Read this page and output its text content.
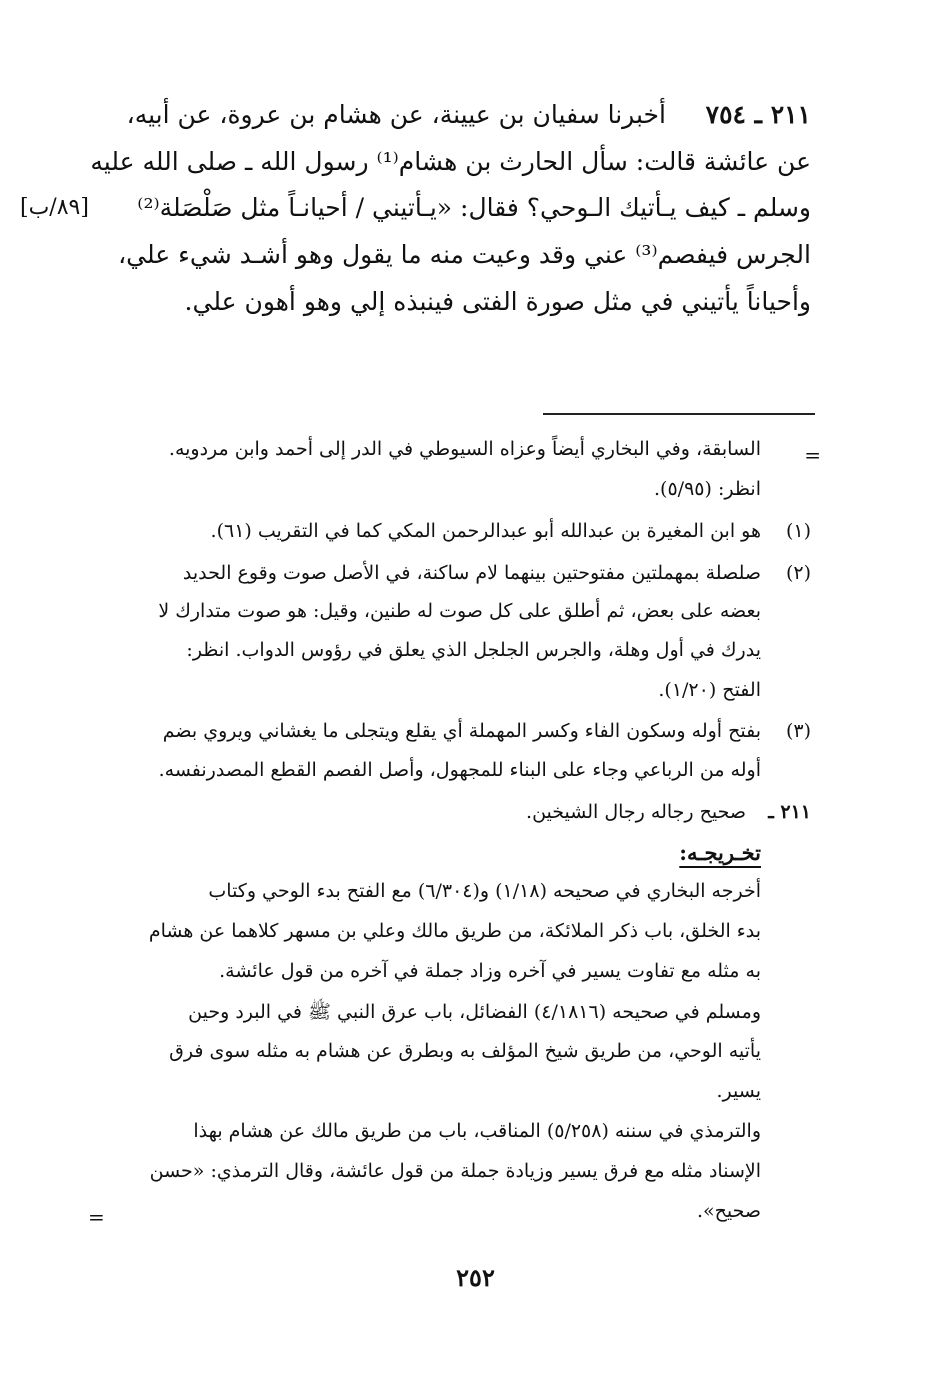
٢١١ ـ ٧٥٤     أخبرنا سفيان بن عيينة، عن هشام بن عروة، عن أبيه،
عن عائشة قالت: سأل الحارث بن هشام⁽¹⁾ رسول الله ـ صلى الله عليه
وسلم ـ كيف يـأتيك الـوحي؟ فقال: «يـأتيني / أحيانـاً مثل صَلْصَلة⁽²⁾
[٨٩/ب]
الجرس فيفصم⁽³⁾ عني وقد وعيت منه ما يقول وهو أشـد شيء علي،
وأحياناً يأتيني في مثل صورة الفتى فينبذه إلي وهو أهون علي.
=
السابقة، وفي البخاري أيضاً وعزاه السيوطي في الدر إلى أحمد وابن مردويه.
انظر: (٥/٩٥).
(١)
هو ابن المغيرة بن عبدالله أبو عبدالرحمن المكي كما في التقريب (٦١).
(٢)
صلصلة بمهملتين مفتوحتين بينهما لام ساكنة، في الأصل صوت وقوع الحديد
بعضه على بعض، ثم أطلق على كل صوت له طنين، وقيل: هو صوت متدارك لا
يدرك في أول وهلة، والجرس الجلجل الذي يعلق في رؤوس الدواب. انظر:
الفتح (١/٢٠).
(٣)
بفتح أوله وسكون الفاء وكسر المهملة أي يقلع ويتجلى ما يغشاني ويروي بضم
أوله من الرباعي وجاء على البناء للمجهول، وأصل الفصم القطع المصدرنفسه.
٢١١ ـ
صحيح رجاله رجال الشيخين.
تخـريجـه:
أخرجه البخاري في صحيحه (١/١٨) و(٦/٣٠٤) مع الفتح بدء الوحي وكتاب
بدء الخلق، باب ذكر الملائكة، من طريق مالك وعلي بن مسهر كلاهما عن هشام
به مثله مع تفاوت يسير في آخره وزاد جملة في آخره من قول عائشة.
ومسلم في صحيحه (٤/١٨١٦) الفضائل، باب عرق النبي ﷺ في البرد وحين
يأتيه الوحي، من طريق شيخ المؤلف به وبطرق عن هشام به مثله سوى فرق
يسير.
والترمذي في سننه (٥/٢٥٨) المناقب، باب من طريق مالك عن هشام بهذا
الإسناد مثله مع فرق يسير وزيادة جملة من قول عائشة، وقال الترمذي: «حسن
صحيح».
=
٢٥٢
